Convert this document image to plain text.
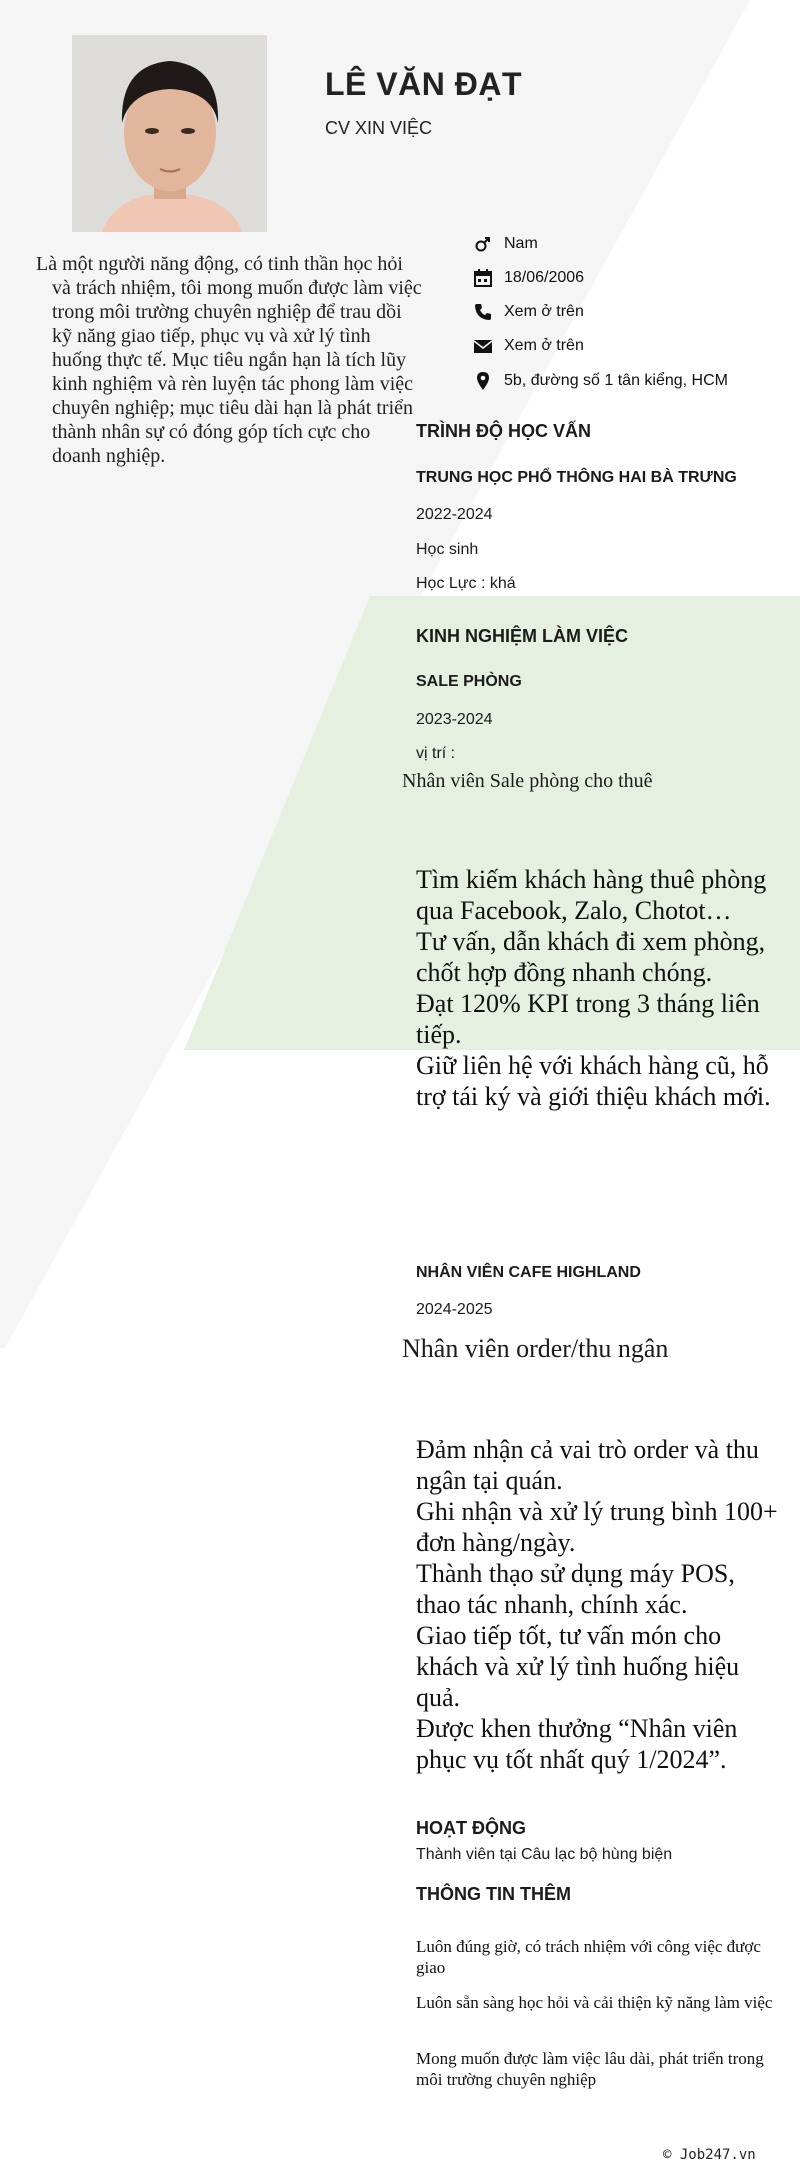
LÊ VĂN ĐẠT
CV XIN VIỆC
Là một người năng động, có tinh thần học hỏi và trách nhiệm, tôi mong muốn được làm việc trong môi trường chuyên nghiệp để trau dồi kỹ năng giao tiếp, phục vụ và xử lý tình huống thực tế. Mục tiêu ngắn hạn là tích lũy kinh nghiệm và rèn luyện tác phong làm việc chuyên nghiệp; mục tiêu dài hạn là phát triển thành nhân sự có đóng góp tích cực cho doanh nghiệp.
Nam
18/06/2006
Xem ở trên
Xem ở trên
5b, đường số 1 tân kiểng, HCM
TRÌNH ĐỘ HỌC VẤN
TRUNG HỌC PHỔ THÔNG HAI BÀ TRƯNG
2022-2024
Học sinh
Học Lực : khá
KINH NGHIỆM LÀM VIỆC
SALE PHÒNG
2023-2024
vị trí :
Nhân viên Sale phòng cho thuê
Tìm kiếm khách hàng thuê phòng qua Facebook, Zalo, Chotot…
Tư vấn, dẫn khách đi xem phòng, chốt hợp đồng nhanh chóng.
Đạt 120% KPI trong 3 tháng liên tiếp.
Giữ liên hệ với khách hàng cũ, hỗ trợ tái ký và giới thiệu khách mới.
NHÂN VIÊN CAFE HIGHLAND
2024-2025
Nhân viên order/thu ngân
Đảm nhận cả vai trò order và thu ngân tại quán.
Ghi nhận và xử lý trung bình 100+ đơn hàng/ngày.
Thành thạo sử dụng máy POS, thao tác nhanh, chính xác.
Giao tiếp tốt, tư vấn món cho khách và xử lý tình huống hiệu quả.
Được khen thưởng “Nhân viên phục vụ tốt nhất quý 1/2024”.
HOẠT ĐỘNG
Thành viên tại Câu lạc bộ hùng biện
THÔNG TIN THÊM
Luôn đúng giờ, có trách nhiệm với công việc được giao
Luôn sẵn sàng học hỏi và cải thiện kỹ năng làm việc
Mong muốn được làm việc lâu dài, phát triển trong môi trường chuyên nghiệp
© Job247.vn
